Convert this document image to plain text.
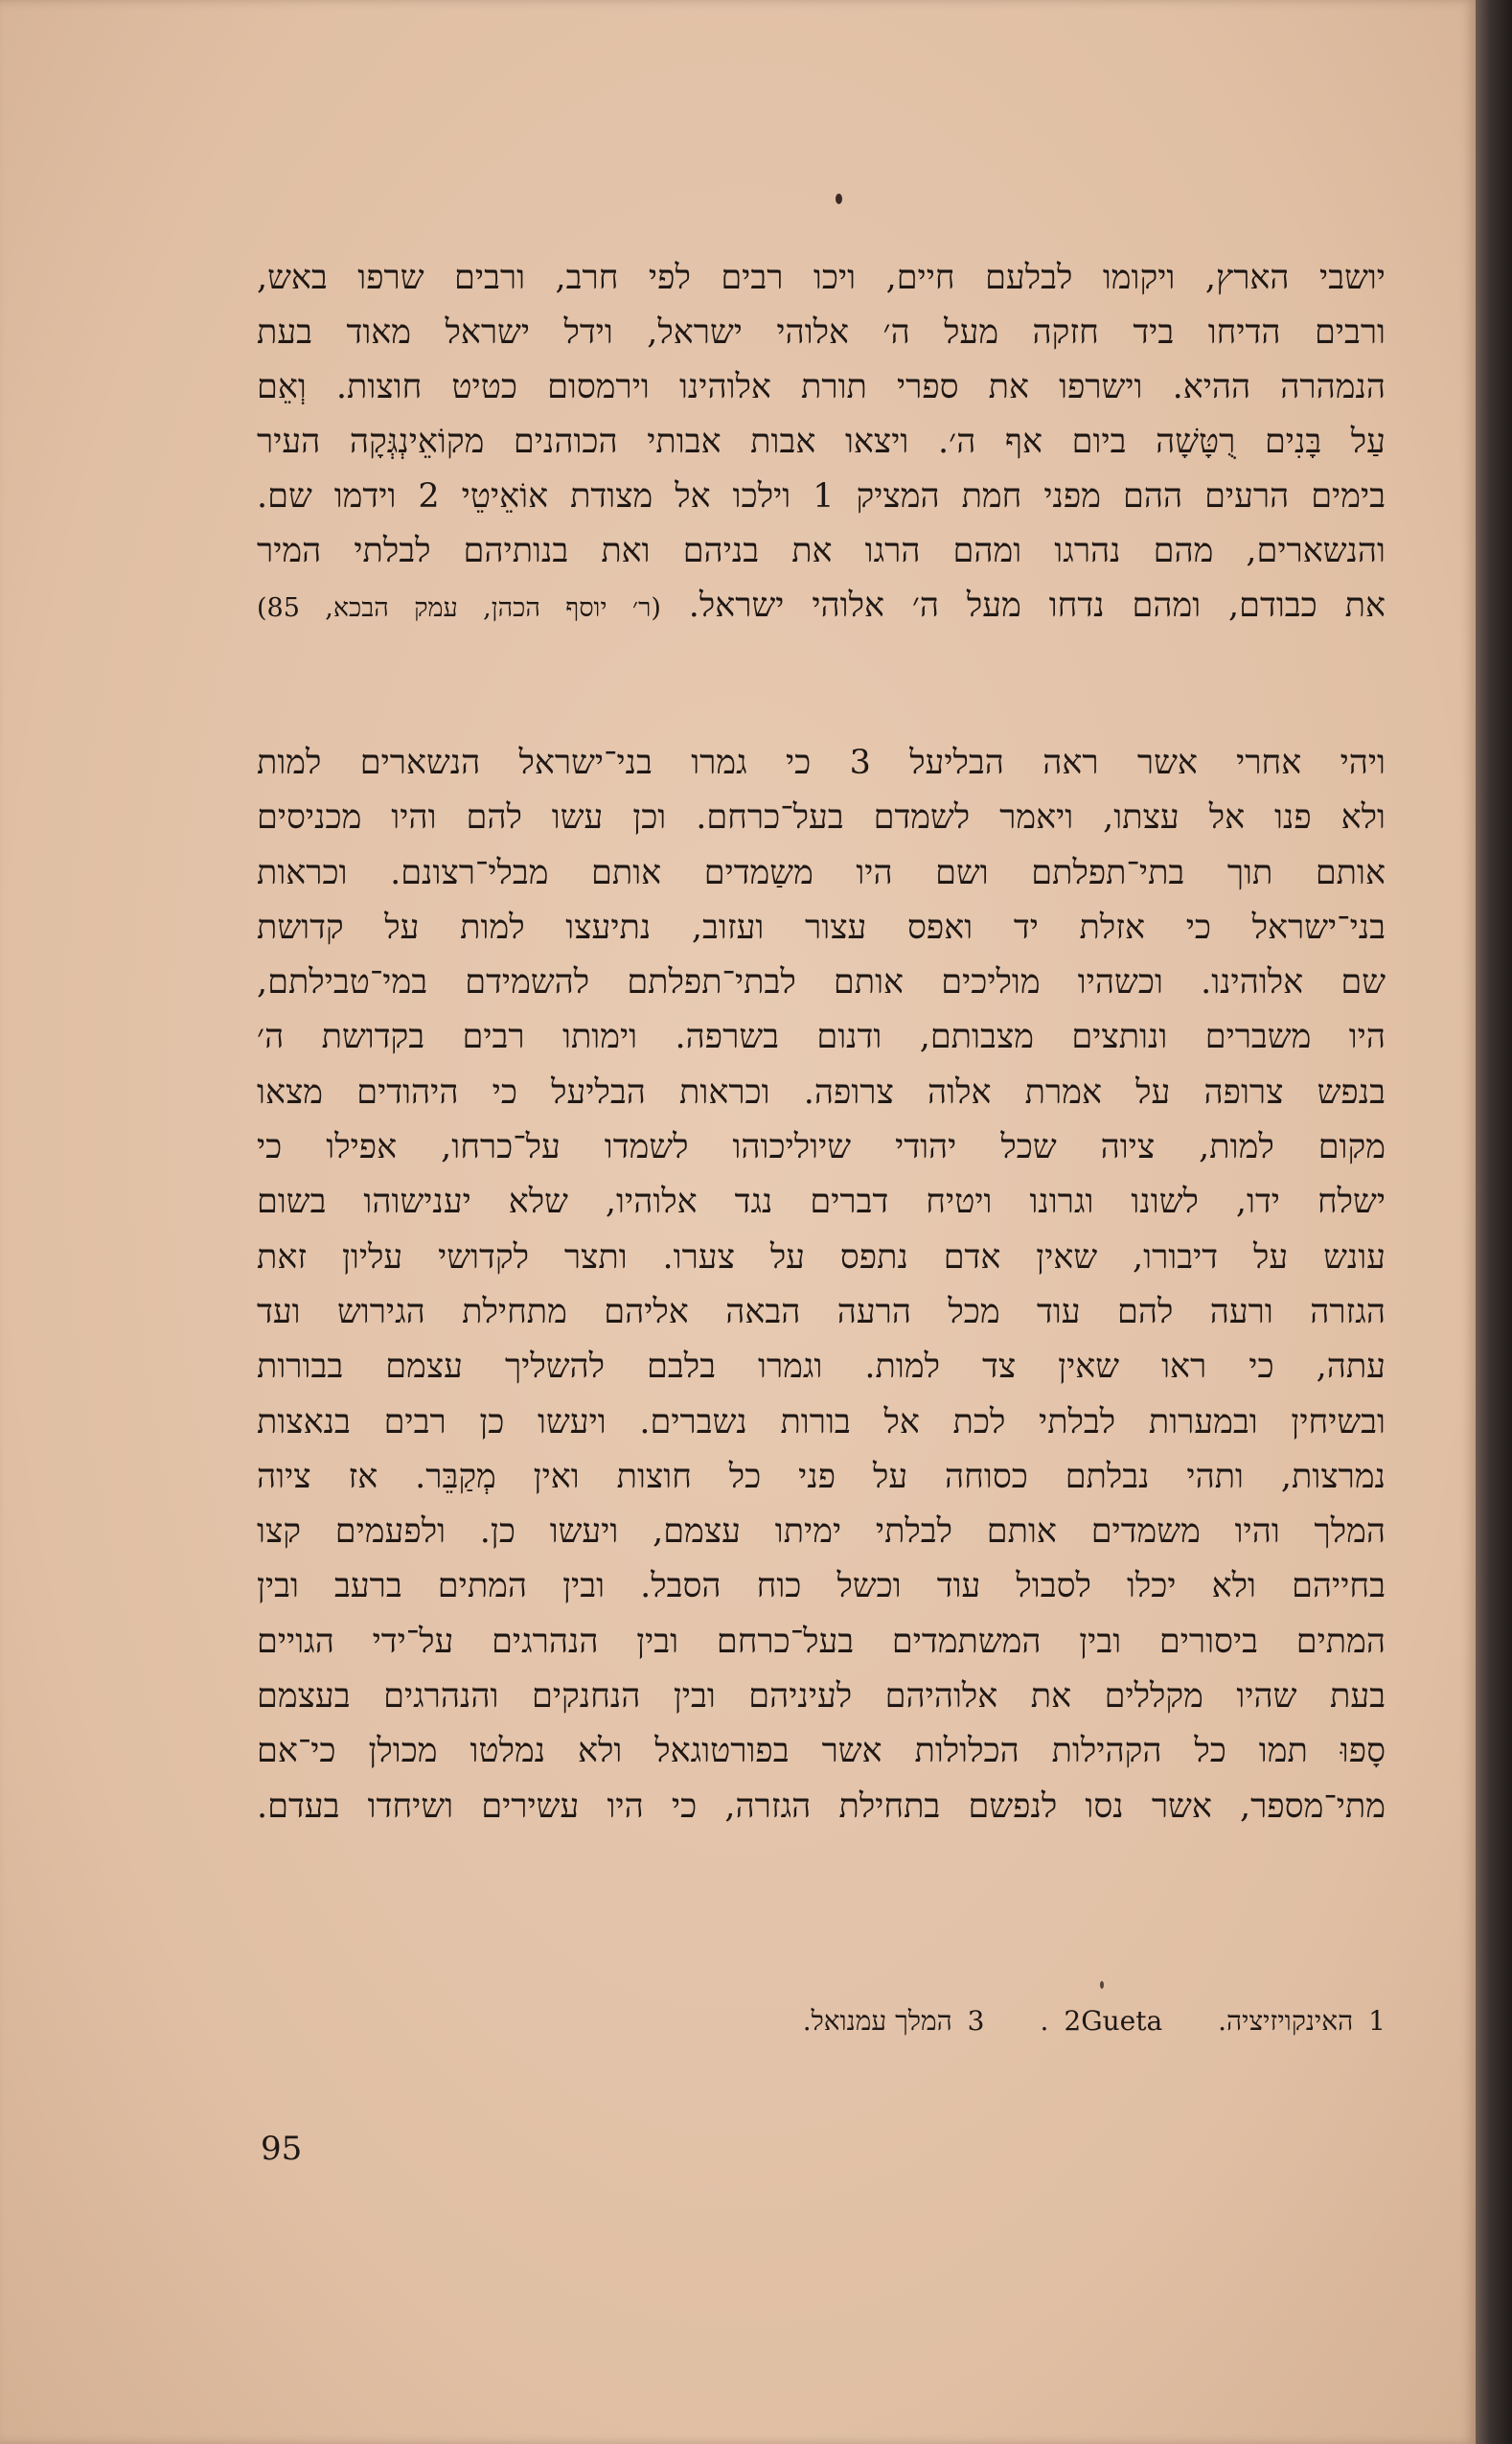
יושבי הארץ, ויקומו לבלעם חיים, ויכו רבים לפי חרב, ורבים שרפו באש,
ורבים הדיחו ביד חזקה מעל ה׳ אלוהי ישראל, וידל ישראל מאוד בעת
הנמהרה ההיא. וישרפו את ספרי תורת אלוהינו וירמסום כטיט חוצות. וְאֵם
עַל בָּנִים רֻטָּשָׁה ביום אף ה׳. ויצאו אבות אבותי הכוהנים מקוֹאֵינְגְּקָה העיר
בימים הרעים ההם מפני חמת המציק 1 וילכו אל מצודת אוֹאֵיטֵי 2 וידמו שם.
והנשארים, מהם נהרגו ומהם הרגו את בניהם ואת בנותיהם לבלתי המיר
את כבודם, ומהם נדחו מעל ה׳ אלוהי ישראל. (ר׳ יוסף הכהן, עמק הבכא, 85)
ויהי אחרי אשר ראה הבליעל 3 כי גמרו בני־ישראל הנשארים למות
ולא פנו אל עצתו, ויאמר לשמדם בעל־כרחם. וכן עשו להם והיו מכניסים
אותם תוך בתי־תפלתם ושם היו משַמדים אותם מבלי־רצונם. וכראות
בני־ישראל כי אזלת יד ואפס עצור ועזוב, נתיעצו למות על קדושת
שם אלוהינו. וכשהיו מוליכים אותם לבתי־תפלתם להשמידם במי־טבילתם,
היו משברים ונותצים מצבותם, ודנום בשרפה. וימותו רבים בקדושת ה׳
בנפש צרופה על אמרת אלוה צרופה. וכראות הבליעל כי היהודים מצאו
מקום למות, ציוה שכל יהודי שיוליכוהו לשמדו על־כרחו, אפילו כי
ישלח ידו, לשונו וגרונו ויטיח דברים נגד אלוהיו, שלא יענישוהו בשום
עונש על דיבורו, שאין אדם נתפס על צערו. ותצר לקדושי עליון זאת
הגזרה ורעה להם עוד מכל הרעה הבאה אליהם מתחילת הגירוש ועד
עתה, כי ראו שאין צד למות. וגמרו בלבם להשליך עצמם בבורות
ובשיחין ובמערות לבלתי לכת אל בורות נשברים. ויעשו כן רבים בנאצות
נמרצות, ותהי נבלתם כסוחה על פני כל חוצות ואין מְקַבֵּר. אז ציוה
המלך והיו משמדים אותם לבלתי ימיתו עצמם, ויעשו כן. ולפעמים קצו
בחייהם ולא יכלו לסבול עוד וכשל כוח הסבל. ובין המתים ברעב ובין
המתים ביסורים ובין המשתמדים בעל־כרחם ובין הנהרגים על־ידי הגויים
בעת שהיו מקללים את אלוהיהם לעיניהם ובין הנחנקים והנהרגים בעצמם
סָפוּ תמו כל הקהילות הכלולות אשר בפורטוגאל ולא נמלטו מכולן כי־אם
מתי־מספר, אשר נסו לנפשם בתחילת הגזרה, כי היו עשירים ושיחדו בעדם.
1האינקויזיציה.
2Gueta.
3המלך עמנואל.

95
